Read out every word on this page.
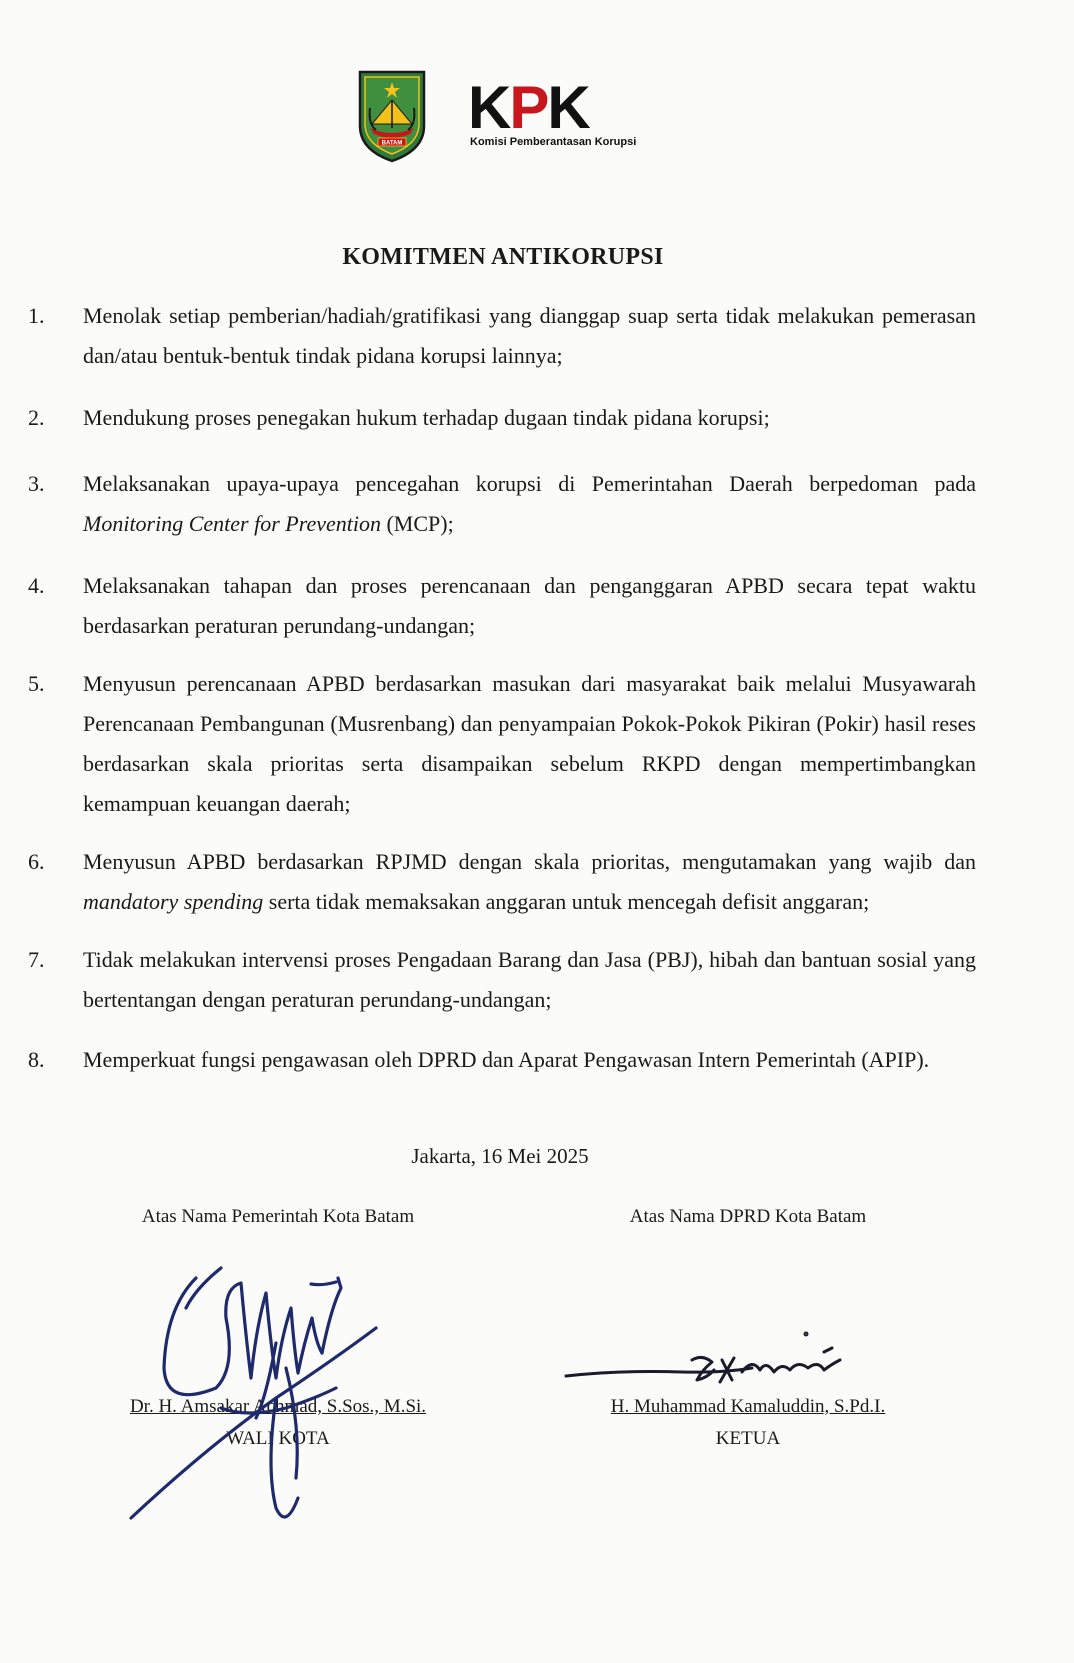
BATAM
KPK
Komisi Pemberantasan Korupsi
KOMITMEN ANTIKORUPSI
1. Menolak setiap pemberian/hadiah/gratifikasi yang dianggap suap serta tidak melakukan pemerasan dan/atau bentuk-bentuk tindak pidana korupsi lainnya;
2. Mendukung proses penegakan hukum terhadap dugaan tindak pidana korupsi;
3. Melaksanakan upaya-upaya pencegahan korupsi di Pemerintahan Daerah berpedoman pada Monitoring Center for Prevention (MCP);
4. Melaksanakan tahapan dan proses perencanaan dan penganggaran APBD secara tepat waktu berdasarkan peraturan perundang-undangan;
5. Menyusun perencanaan APBD berdasarkan masukan dari masyarakat baik melalui Musyawarah Perencanaan Pembangunan (Musrenbang) dan penyampaian Pokok-Pokok Pikiran (Pokir) hasil reses berdasarkan skala prioritas serta disampaikan sebelum RKPD dengan mempertimbangkan kemampuan keuangan daerah;
6. Menyusun APBD berdasarkan RPJMD dengan skala prioritas, mengutamakan yang wajib dan mandatory spending serta tidak memaksakan anggaran untuk mencegah defisit anggaran;
7. Tidak melakukan intervensi proses Pengadaan Barang dan Jasa (PBJ), hibah dan bantuan sosial yang bertentangan dengan peraturan perundang-undangan;
8. Memperkuat fungsi pengawasan oleh DPRD dan Aparat Pengawasan Intern Pemerintah (APIP).
Jakarta, 16 Mei 2025
Atas Nama Pemerintah Kota Batam	Atas Nama DPRD Kota Batam
Dr. H. Amsakar Achmad, S.Sos., M.Si.
WALI KOTA
H. Muhammad Kamaluddin, S.Pd.I.
KETUA
